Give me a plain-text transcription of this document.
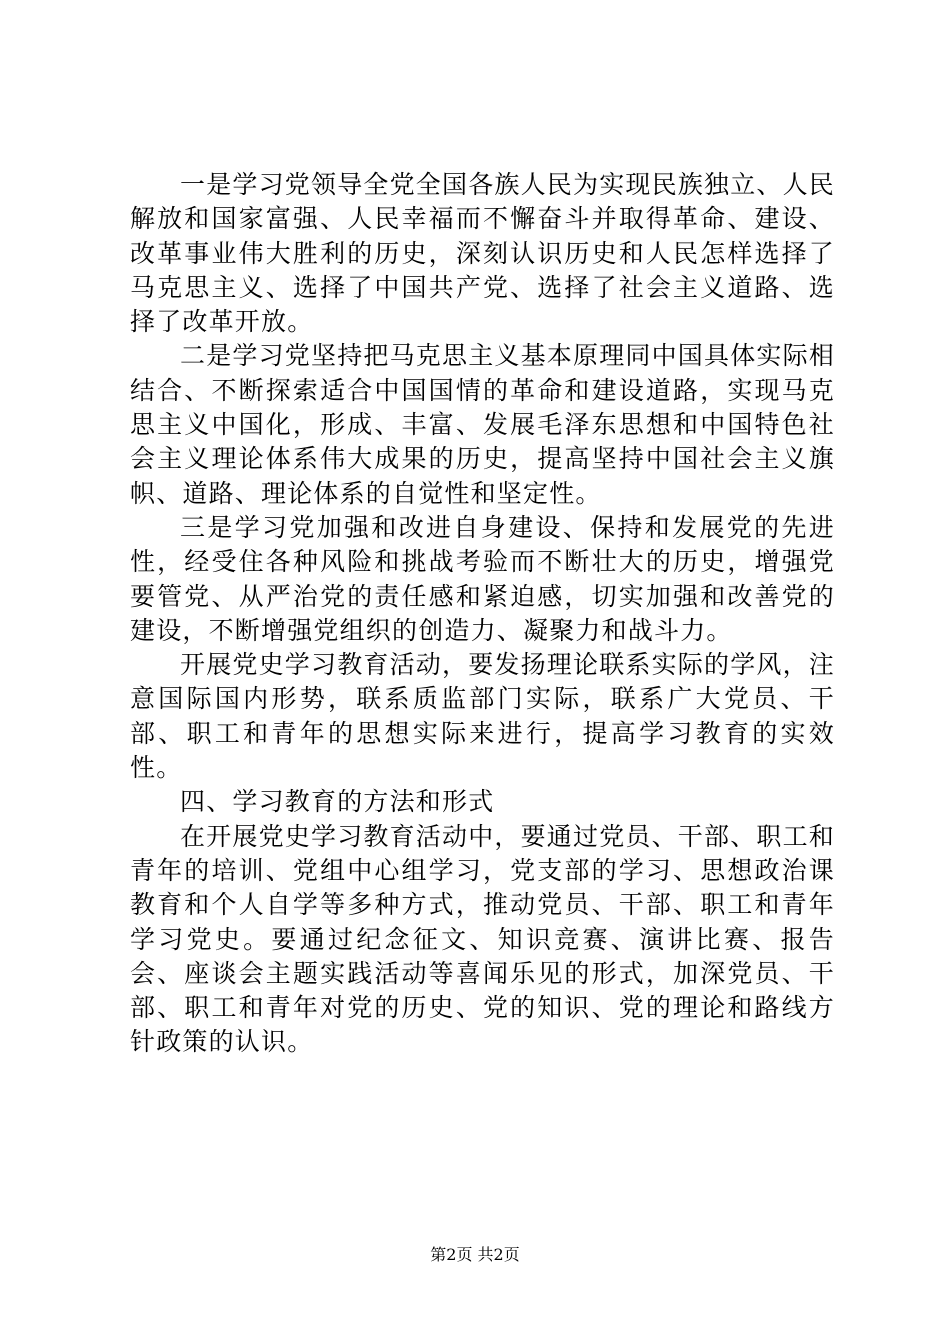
一是学习党领导全党全国各族人民为实现民族独立、人民解放和国家富强、人民幸福而不懈奋斗并取得革命、建设、改革事业伟大胜利的历史，深刻认识历史和人民怎样选择了马克思主义、选择了中国共产党、选择了社会主义道路、选择了改革开放。

二是学习党坚持把马克思主义基本原理同中国具体实际相结合、不断探索适合中国国情的革命和建设道路，实现马克思主义中国化，形成、丰富、发展毛泽东思想和中国特色社会主义理论体系伟大成果的历史，提高坚持中国社会主义旗帜、道路、理论体系的自觉性和坚定性。

三是学习党加强和改进自身建设、保持和发展党的先进性，经受住各种风险和挑战考验而不断壮大的历史，增强党要管党、从严治党的责任感和紧迫感，切实加强和改善党的建设，不断增强党组织的创造力、凝聚力和战斗力。

开展党史学习教育活动，要发扬理论联系实际的学风，注意国际国内形势，联系质监部门实际，联系广大党员、干部、职工和青年的思想实际来进行，提高学习教育的实效性。

四、学习教育的方法和形式

在开展党史学习教育活动中，要通过党员、干部、职工和青年的培训、党组中心组学习，党支部的学习、思想政治课教育和个人自学等多种方式，推动党员、干部、职工和青年学习党史。要通过纪念征文、知识竞赛、演讲比赛、报告会、座谈会主题实践活动等喜闻乐见的形式，加深党员、干部、职工和青年对党的历史、党的知识、党的理论和路线方针政策的认识。

第2页 共2页
